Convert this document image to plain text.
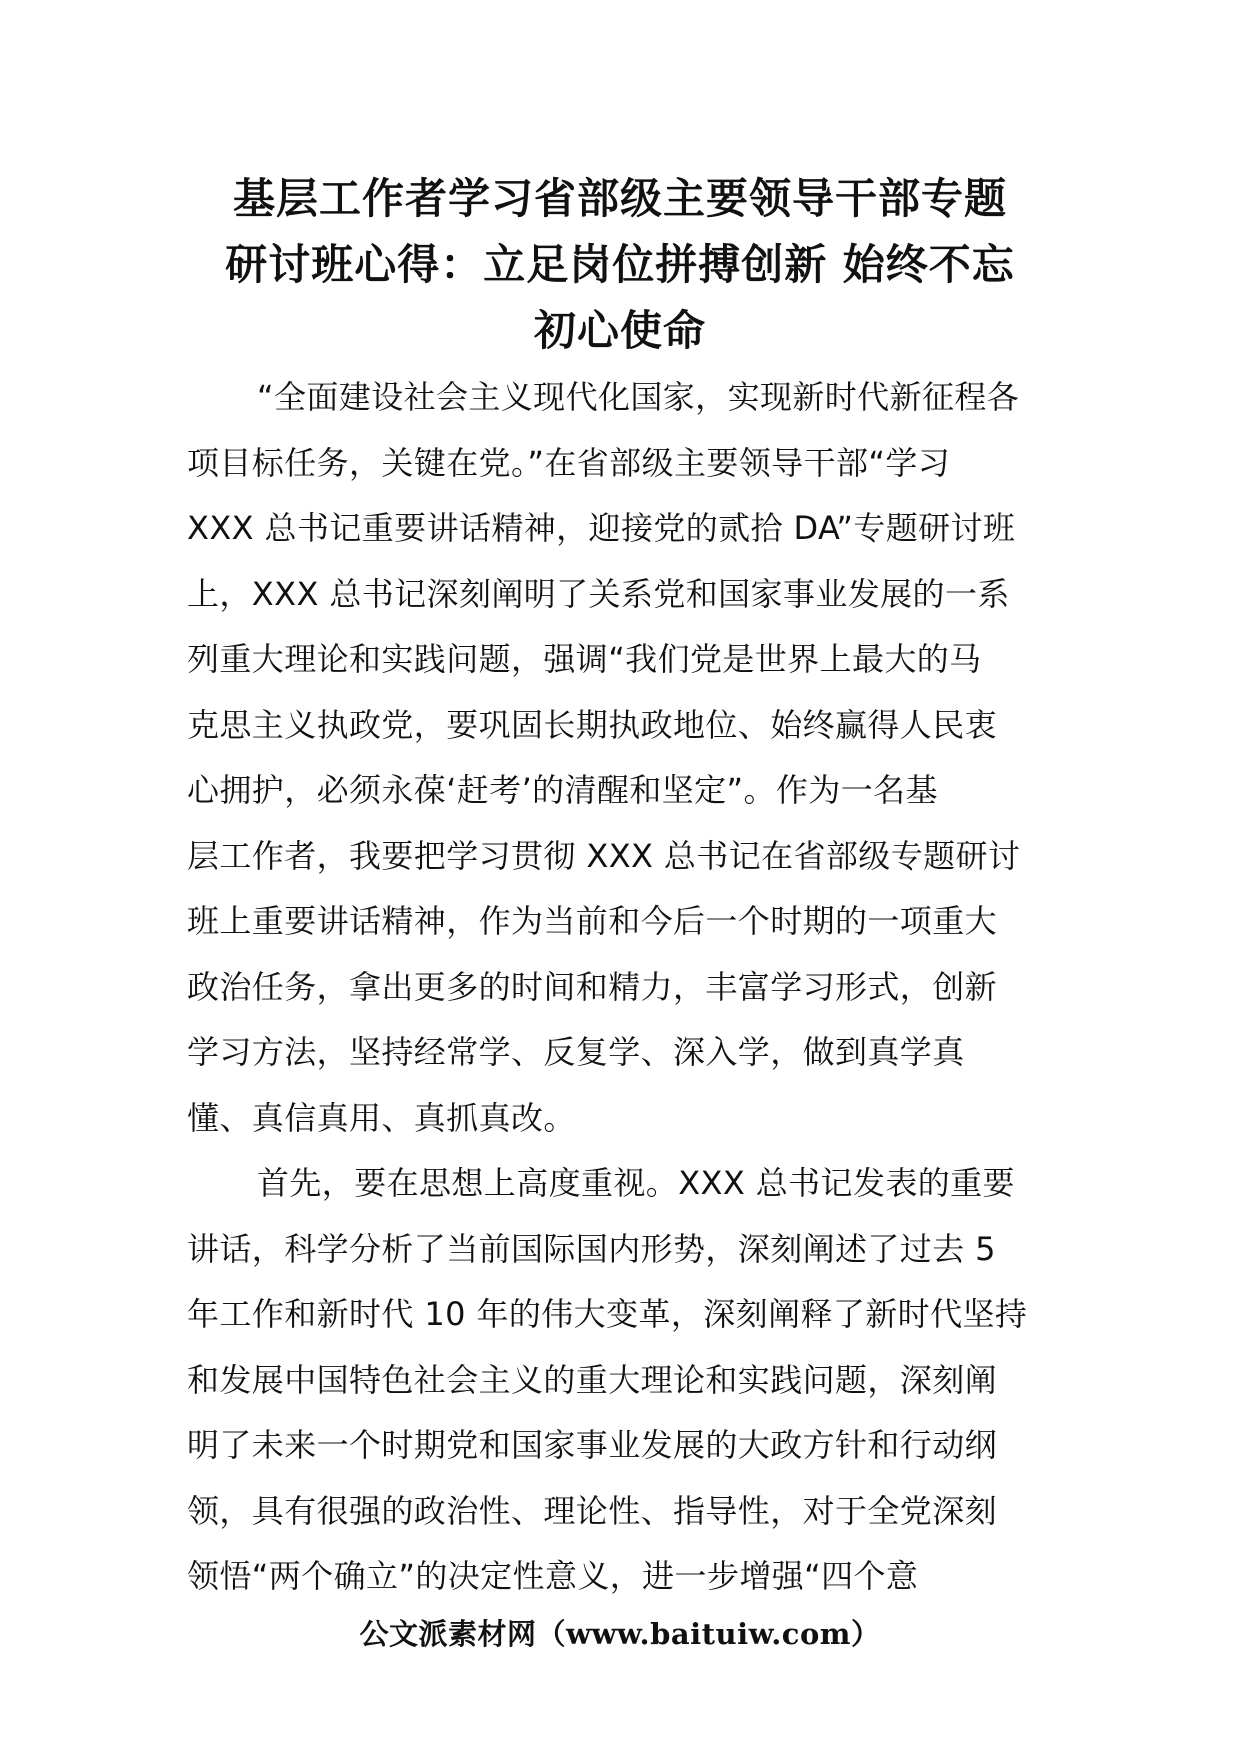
基层工作者学习省部级主要领导干部专题
研讨班心得：立足岗位拼搏创新 始终不忘
初心使命

“全面建设社会主义现代化国家，实现新时代新征程各
项目标任务，关键在党。”在省部级主要领导干部“学习
XXX 总书记重要讲话精神，迎接党的贰拾 DA”专题研讨班
上，XXX 总书记深刻阐明了关系党和国家事业发展的一系
列重大理论和实践问题，强调“我们党是世界上最大的马
克思主义执政党，要巩固长期执政地位、始终赢得人民衷
心拥护，必须永葆‘赶考’的清醒和坚定”。作为一名基
层工作者，我要把学习贯彻 XXX 总书记在省部级专题研讨
班上重要讲话精神，作为当前和今后一个时期的一项重大
政治任务，拿出更多的时间和精力，丰富学习形式，创新
学习方法，坚持经常学、反复学、深入学，做到真学真
懂、真信真用、真抓真改。

首先，要在思想上高度重视。XXX 总书记发表的重要
讲话，科学分析了当前国际国内形势，深刻阐述了过去 5
年工作和新时代 10 年的伟大变革，深刻阐释了新时代坚持
和发展中国特色社会主义的重大理论和实践问题，深刻阐
明了未来一个时期党和国家事业发展的大政方针和行动纲
领，具有很强的政治性、理论性、指导性，对于全党深刻
领悟“两个确立”的决定性意义，进一步增强“四个意

公文派素材网（www.baituiw.com）
